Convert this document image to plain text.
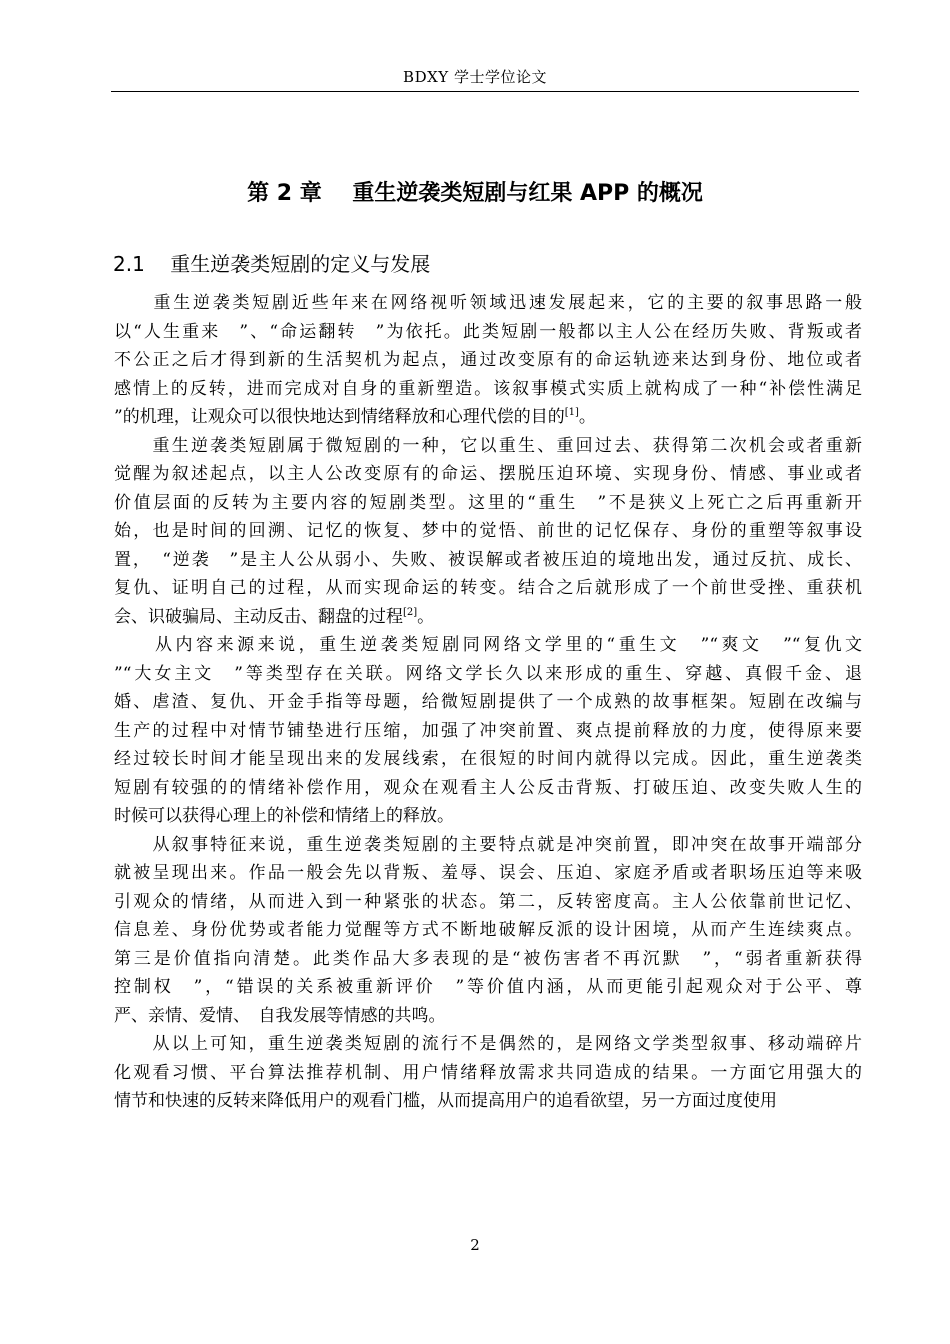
BDXY 学士学位论文
第 2 章    重生逆袭类短剧与红果 APP 的概况
2.1    重生逆袭类短剧的定义与发展
　　重生逆袭类短剧近些年来在网络视听领域迅速发展起来，它的主要的叙事思路一般
以“人生重来　”、“命运翻转　”为依托。此类短剧一般都以主人公在经历失败、背叛或者
不公正之后才得到新的生活契机为起点，通过改变原有的命运轨迹来达到身份、地位或者
感情上的反转，进而完成对自身的重新塑造。该叙事模式实质上就构成了一种“补偿性满足
”的机理，让观众可以很快地达到情绪释放和心理代偿的目的[1]。
　　重生逆袭类短剧属于微短剧的一种，它以重生、重回过去、获得第二次机会或者重新
觉醒为叙述起点，以主人公改变原有的命运、摆脱压迫环境、实现身份、情感、事业或者
价值层面的反转为主要内容的短剧类型。这里的“重生　”不是狭义上死亡之后再重新开
始，也是时间的回溯、记忆的恢复、梦中的觉悟、前世的记忆保存、身份的重塑等叙事设
置，　“逆袭　”是主人公从弱小、失败、被误解或者被压迫的境地出发，通过反抗、成长、
复仇、证明自己的过程，从而实现命运的转变。结合之后就形成了一个前世受挫、重获机
会、识破骗局、主动反击、翻盘的过程[2]。
　　从内容来源来说，重生逆袭类短剧同网络文学里的“重生文　”“爽文　”“复仇文
”“大女主文　”等类型存在关联。网络文学长久以来形成的重生、穿越、真假千金、退
婚、虐渣、复仇、开金手指等母题，给微短剧提供了一个成熟的故事框架。短剧在改编与
生产的过程中对情节铺垫进行压缩，加强了冲突前置、爽点提前释放的力度，使得原来要
经过较长时间才能呈现出来的发展线索，在很短的时间内就得以完成。因此，重生逆袭类
短剧有较强的的情绪补偿作用，观众在观看主人公反击背叛、打破压迫、改变失败人生的
时候可以获得心理上的补偿和情绪上的释放。
　　从叙事特征来说，重生逆袭类短剧的主要特点就是冲突前置，即冲突在故事开端部分
就被呈现出来。作品一般会先以背叛、羞辱、误会、压迫、家庭矛盾或者职场压迫等来吸
引观众的情绪，从而进入到一种紧张的状态。第二，反转密度高。主人公依靠前世记忆、
信息差、身份优势或者能力觉醒等方式不断地破解反派的设计困境，从而产生连续爽点。
第三是价值指向清楚。此类作品大多表现的是“被伤害者不再沉默　”，“弱者重新获得
控制权　”，“错误的关系被重新评价　”等价值内涵，从而更能引起观众对于公平、尊
严、亲情、爱情、　自我发展等情感的共鸣。
　　从以上可知，重生逆袭类短剧的流行不是偶然的，是网络文学类型叙事、移动端碎片
化观看习惯、平台算法推荐机制、用户情绪释放需求共同造成的结果。一方面它用强大的
情节和快速的反转来降低用户的观看门槛，从而提高用户的追看欲望，另一方面过度使用
2
